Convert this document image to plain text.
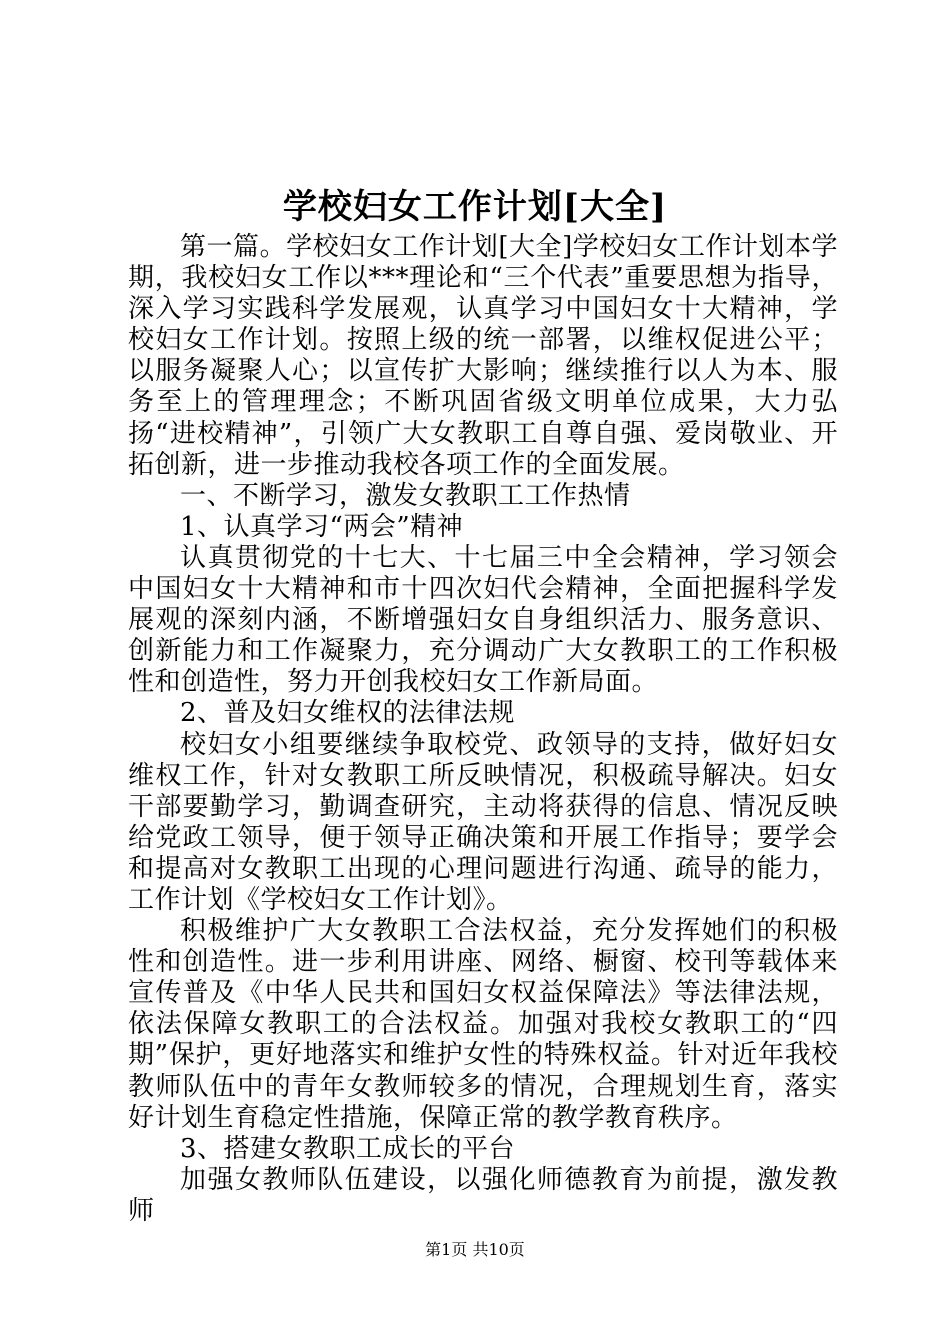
学校妇女工作计划[大全]

第一篇。学校妇女工作计划[大全]学校妇女工作计划本学期，我校妇女工作以***理论和“三个代表”重要思想为指导，深入学习实践科学发展观，认真学习中国妇女十大精神，学校妇女工作计划。按照上级的统一部署，以维权促进公平；以服务凝聚人心；以宣传扩大影响；继续推行以人为本、服务至上的管理理念；不断巩固省级文明单位成果，大力弘扬“进校精神”，引领广大女教职工自尊自强、爱岗敬业、开拓创新，进一步推动我校各项工作的全面发展。

一、不断学习，激发女教职工工作热情

1、认真学习“两会”精神

认真贯彻党的十七大、十七届三中全会精神，学习领会中国妇女十大精神和市十四次妇代会精神，全面把握科学发展观的深刻内涵，不断增强妇女自身组织活力、服务意识、创新能力和工作凝聚力，充分调动广大女教职工的工作积极性和创造性，努力开创我校妇女工作新局面。

2、普及妇女维权的法律法规

校妇女小组要继续争取校党、政领导的支持，做好妇女维权工作，针对女教职工所反映情况，积极疏导解决。妇女干部要勤学习，勤调查研究，主动将获得的信息、情况反映给党政工领导，便于领导正确决策和开展工作指导；要学会和提高对女教职工出现的心理问题进行沟通、疏导的能力，工作计划《学校妇女工作计划》。

积极维护广大女教职工合法权益，充分发挥她们的积极性和创造性。进一步利用讲座、网络、橱窗、校刊等载体来宣传普及《中华人民共和国妇女权益保障法》等法律法规，依法保障女教职工的合法权益。加强对我校女教职工的“四期”保护，更好地落实和维护女性的特殊权益。针对近年我校教师队伍中的青年女教师较多的情况，合理规划生育，落实好计划生育稳定性措施，保障正常的教学教育秩序。

3、搭建女教职工成长的平台

加强女教师队伍建设，以强化师德教育为前提，激发教师

第1页 共10页
